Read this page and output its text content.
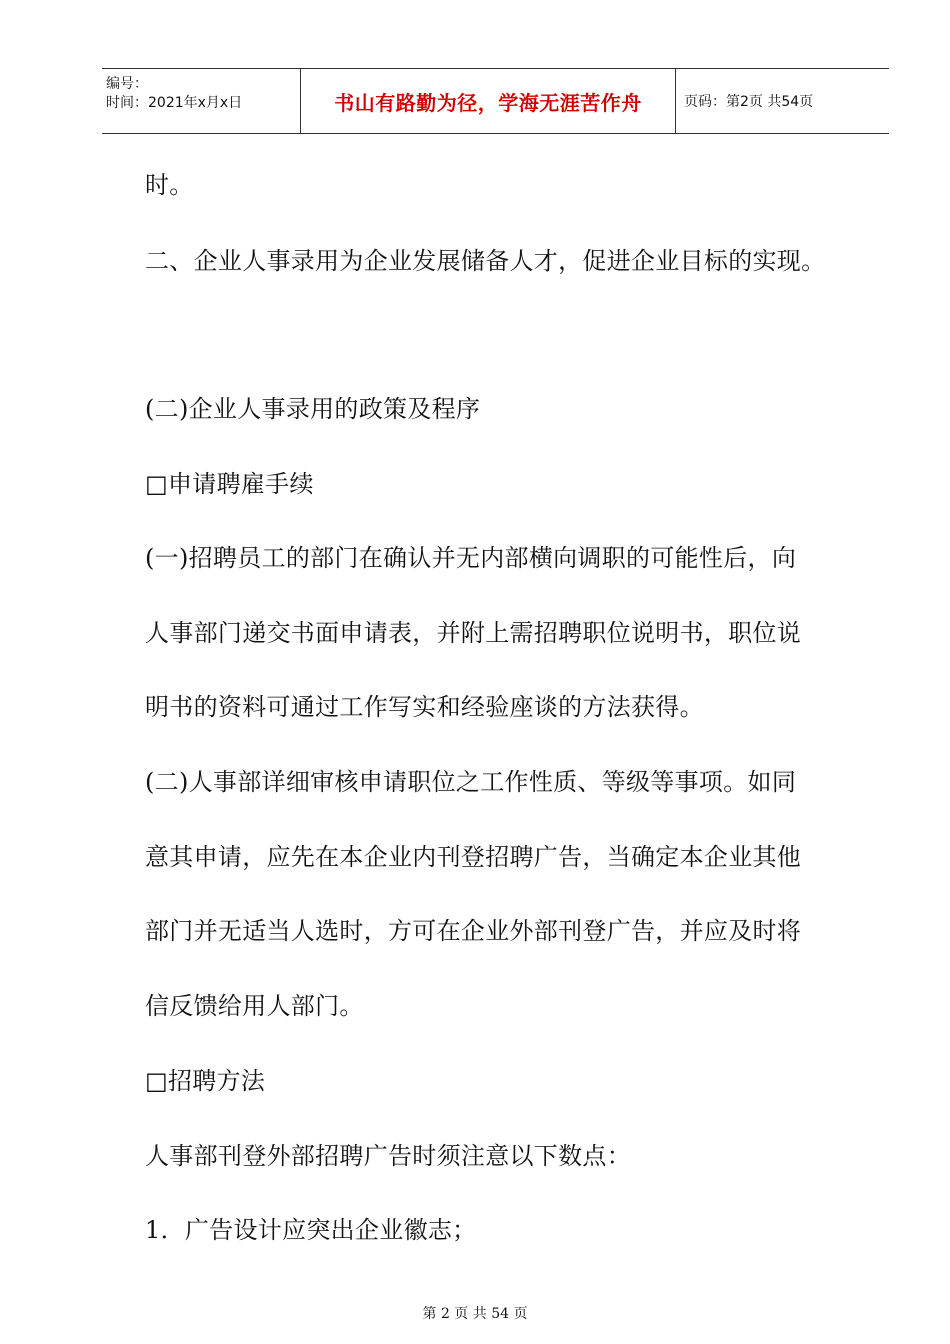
编号：
时间：2021年x月x日	书山有路勤为径，学海无涯苦作舟	页码：第2页 共54页
时。
二、企业人事录用为企业发展储备人才，促进企业目标的实现。
(二)企业人事录用的政策及程序
□申请聘雇手续
(一)招聘员工的部门在确认并无内部横向调职的可能性后，向
人事部门递交书面申请表，并附上需招聘职位说明书，职位说
明书的资料可通过工作写实和经验座谈的方法获得。
(二)人事部详细审核申请职位之工作性质、等级等事项。如同
意其申请，应先在本企业内刊登招聘广告，当确定本企业其他
部门并无适当人选时，方可在企业外部刊登广告，并应及时将
信反馈给用人部门。
□招聘方法
人事部刊登外部招聘广告时须注意以下数点：
1．广告设计应突出企业徽志；
第 2 页 共 54 页
